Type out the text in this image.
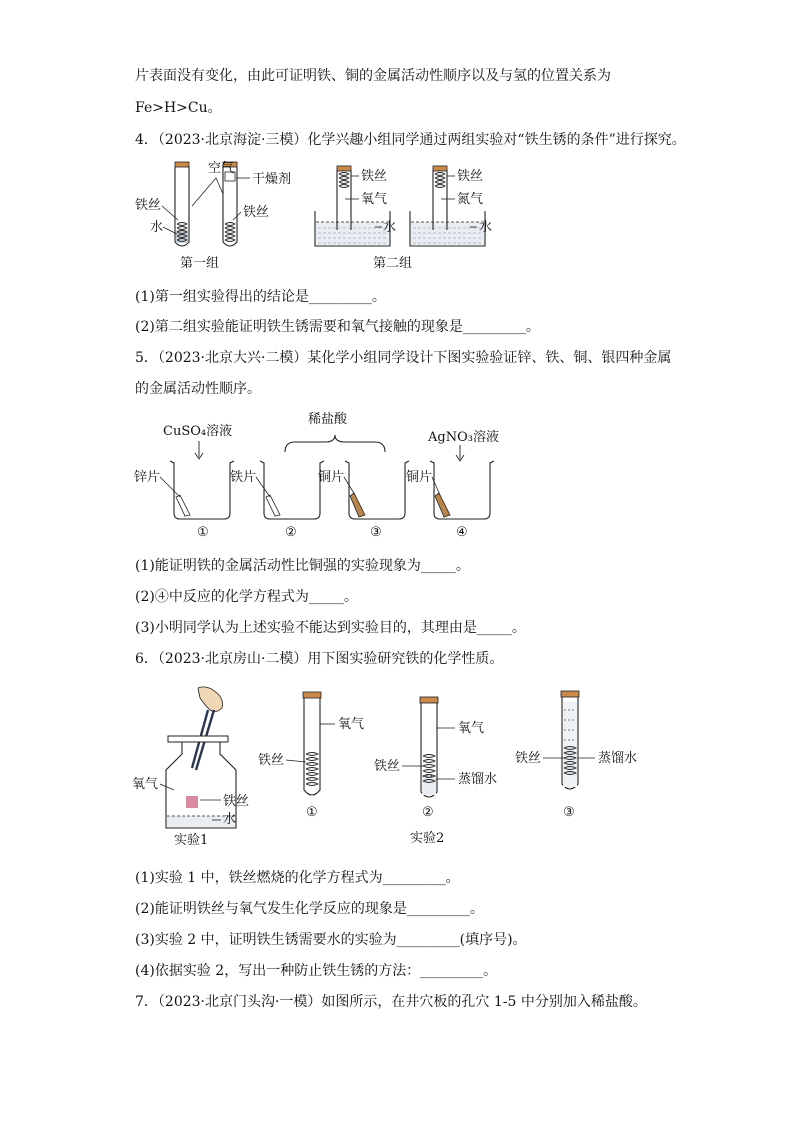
片表面没有变化，由此可证明铁、铜的金属活动性顺序以及与氢的位置关系为
Fe>H>Cu。
4．（2023·北京海淀·三模）化学兴趣小组同学通过两组实验对“铁生锈的条件”进行探究。
空气
干燥剂
铁丝
水
铁丝
第一组
铁丝
氧气
水
铁丝
氮气
水
第二组
(1)第一组实验得出的结论是_________。
(2)第二组实验能证明铁生锈需要和氧气接触的现象是_________。
5．（2023·北京大兴·二模）某化学小组同学设计下图实验验证锌、铁、铜、银四种金属
的金属活动性顺序。
CuSO₄溶液
稀盐酸
AgNO₃溶液
锌片
①
铁片
②
铜片
③
铜片
④
(1)能证明铁的金属活动性比铜强的实验现象为_____。
(2)④中反应的化学方程式为_____。
(3)小明同学认为上述实验不能达到实验目的，其理由是_____。
6．（2023·北京房山·二模）用下图实验研究铁的化学性质。
氧气
铁丝
水
实验1
氧气
铁丝
①
氧气
铁丝
蒸馏水
②
实验2
铁丝	蒸馏水
③
(1)实验 1 中，铁丝燃烧的化学方程式为_________。
(2)能证明铁丝与氧气发生化学反应的现象是_________。
(3)实验 2 中，证明铁生锈需要水的实验为_________(填序号)。
(4)依据实验 2，写出一种防止铁生锈的方法：_________。
7．（2023·北京门头沟·一模）如图所示，在井穴板的孔穴 1-5 中分别加入稀盐酸。
